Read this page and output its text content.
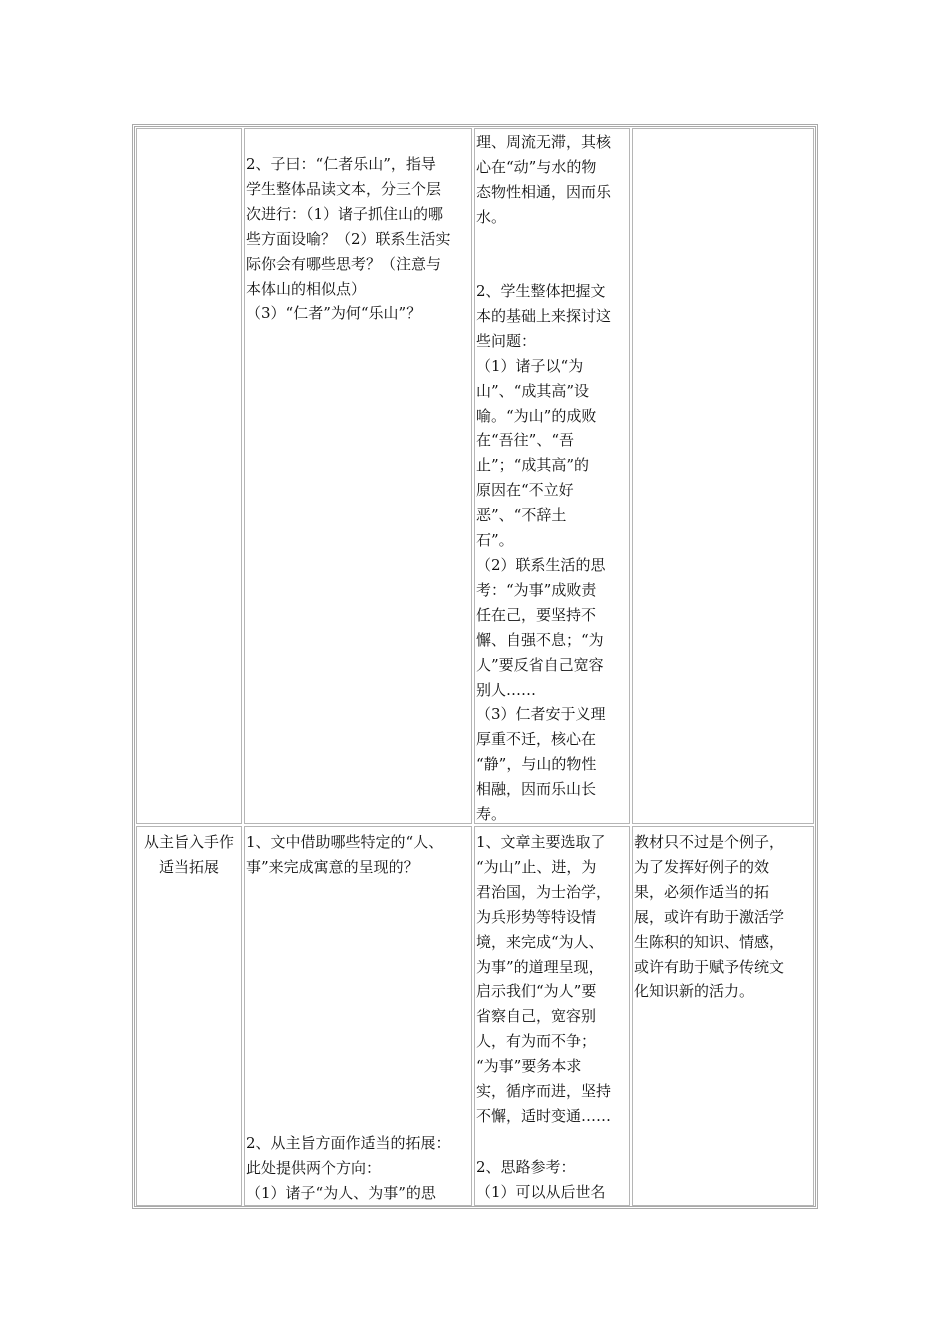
2、子曰：“仁者乐山”，指导
学生整体品读文本，分三个层
次进行：（1）诸子抓住山的哪
些方面设喻？（2）联系生活实
际你会有哪些思考？（注意与
本体山的相似点）
（3）“仁者”为何“乐山”？
理、周流无滞，其核
心在“动”与水的物
态物性相通，因而乐
水。
2、学生整体把握文
本的基础上来探讨这
些问题：
（1）诸子以“为
山”、“成其高”设
喻。“为山”的成败
在“吾往”、“吾
止”；“成其高”的
原因在“不立好
恶”、“不辞土
石”。
（2）联系生活的思
考：“为事”成败责
任在己，要坚持不
懈、自强不息；“为
人”要反省自己宽容
别人……
（3）仁者安于义理
厚重不迁，核心在
“静”，与山的物性
相融，因而乐山长
寿。
从主旨入手作
适当拓展
1、文中借助哪些特定的“人、
事”来完成寓意的呈现的？
2、从主旨方面作适当的拓展：
此处提供两个方向：
（1）诸子“为人、为事”的思
1、文章主要选取了
“为山”止、进，为
君治国，为士治学，
为兵形势等特设情
境，来完成“为人、
为事”的道理呈现，
启示我们“为人”要
省察自己，宽容别
人，有为而不争；
“为事”要务本求
实，循序而进，坚持
不懈，适时变通……
2、思路参考：
（1）可以从后世名
教材只不过是个例子，
为了发挥好例子的效
果，必须作适当的拓
展，或许有助于激活学
生陈积的知识、情感，
或许有助于赋予传统文
化知识新的活力。
